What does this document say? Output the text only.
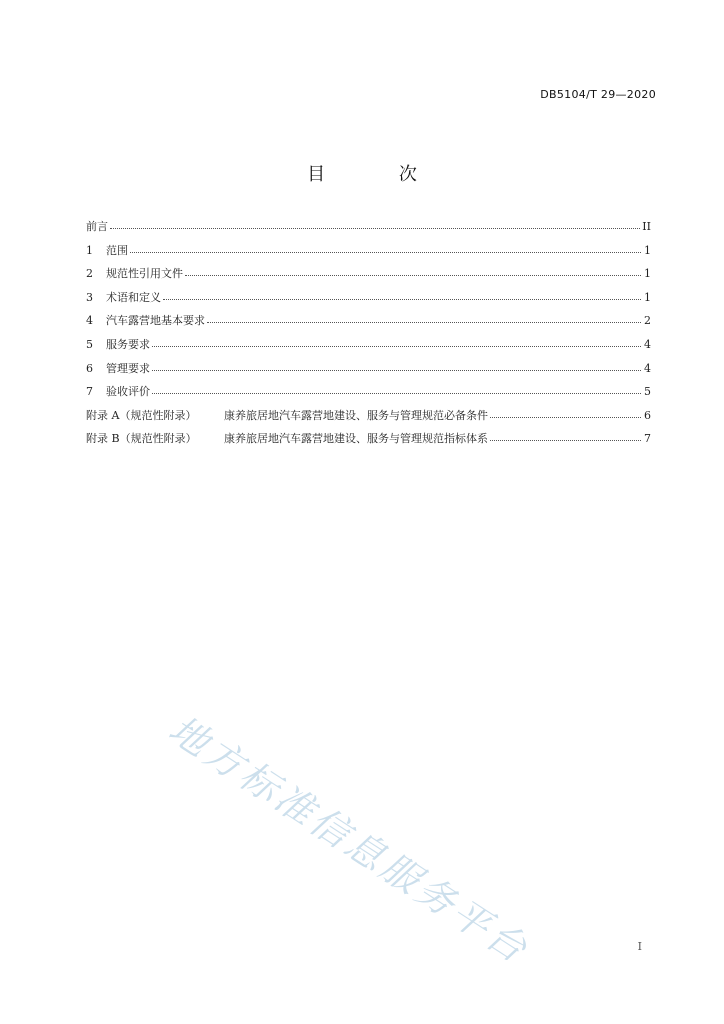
DB5104/T 29—2020
目 次
前言	II
1	范围	1
2	规范性引用文件	1
3	术语和定义	1
4	汽车露营地基本要求	2
5	服务要求	4
6	管理要求	4
7	验收评价	5
附录 A（规范性附录）	康养旅居地汽车露营地建设、服务与管理规范必备条件	6
附录 B（规范性附录）	康养旅居地汽车露营地建设、服务与管理规范指标体系	7
地方标准信息服务平台	I
